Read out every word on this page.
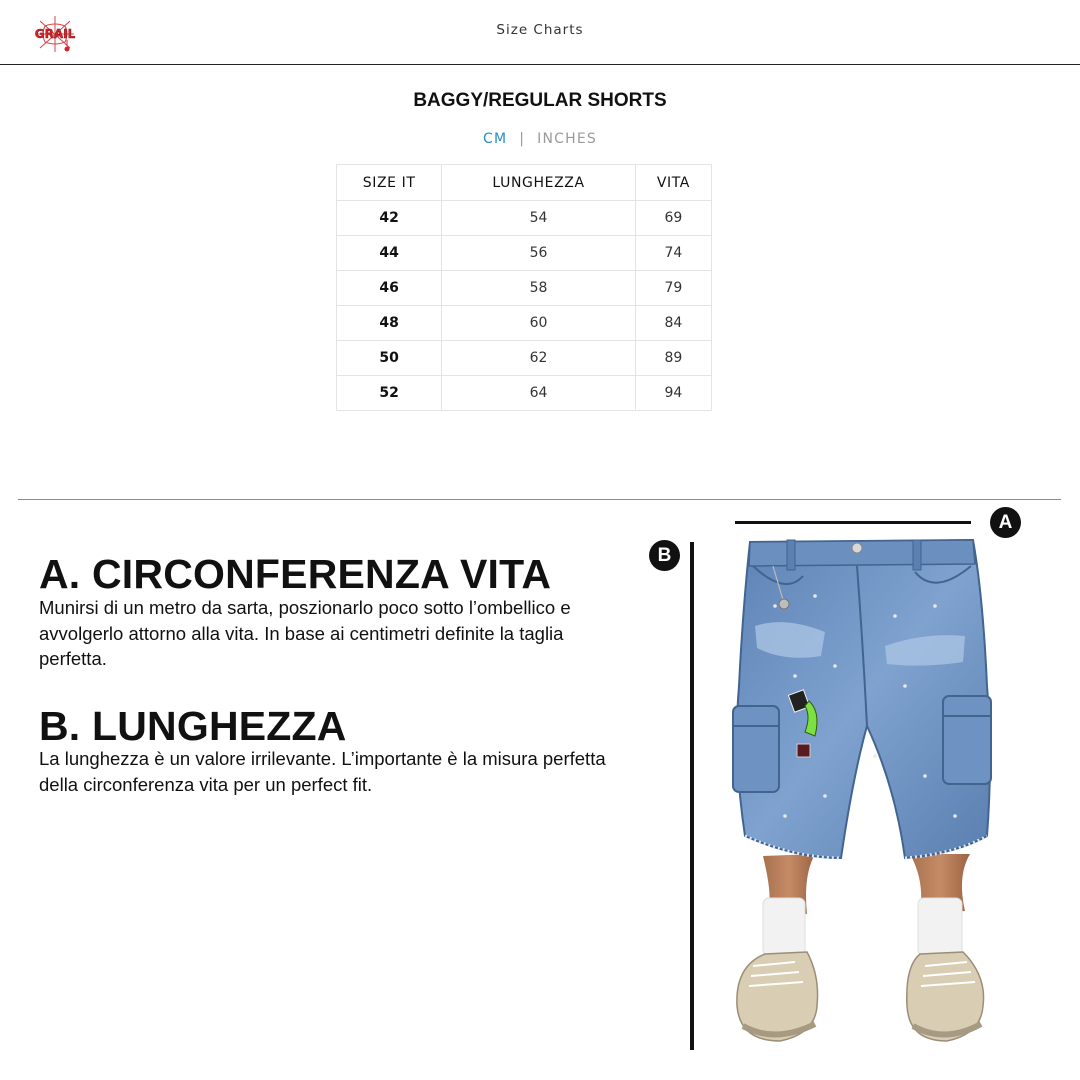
GRAIL	Size Charts
BAGGY/REGULAR SHORTS
CM | INCHES
SIZE IT	LUNGHEZZA	VITA
42	54	69
44	56	74
46	58	79
48	60	84
50	62	89
52	64	94
A. CIRCONFERENZA VITA

Munirsi di un metro da sarta, poszionarlo poco sotto l’ombellico e avvolgerlo attorno alla vita. In base ai centimetri definite la taglia perfetta.

B. LUNGHEZZA

La lunghezza è un valore irrilevante. L’importante è la misura perfetta della circonferenza vita per un perfect fit.

A
B
